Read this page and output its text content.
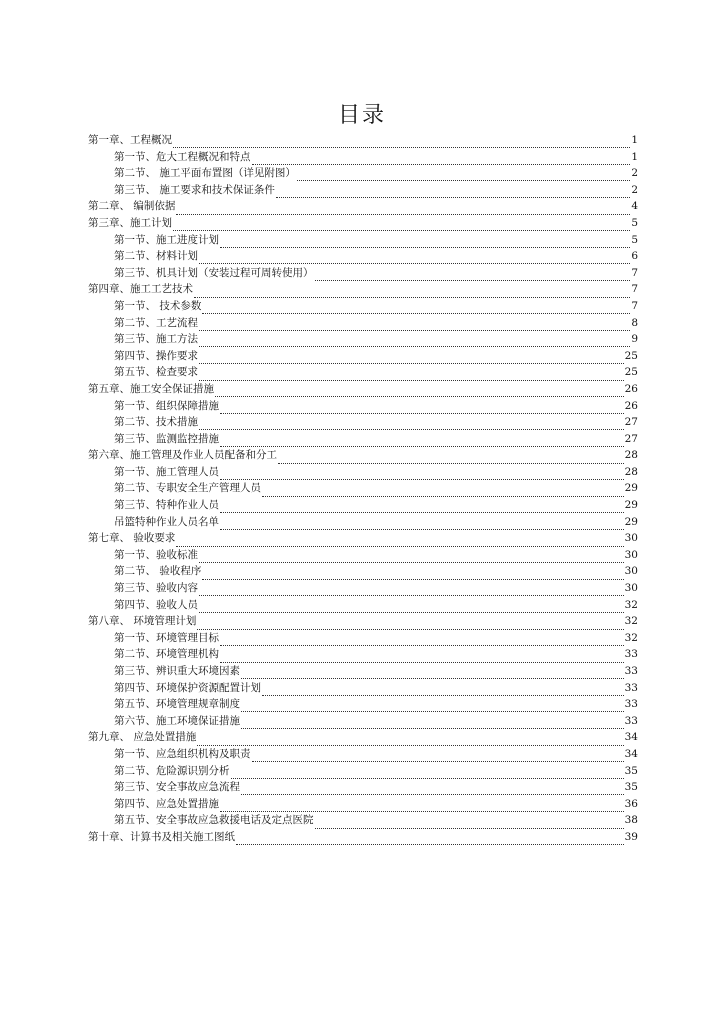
目录
第一章、工程概况	1
第一节、危大工程概况和特点	1
第二节、 施工平面布置图（详见附图）	2
第三节、 施工要求和技术保证条件	2
第二章、 编制依据	4
第三章、施工计划	5
第一节、施工进度计划	5
第二节、材料计划	6
第三节、机具计划（安装过程可周转使用）	7
第四章、施工工艺技术	7
第一节、 技术参数	7
第二节、工艺流程	8
第三节、施工方法	9
第四节、操作要求	25
第五节、检查要求	25
第五章、施工安全保证措施	26
第一节、组织保障措施	26
第二节、技术措施	27
第三节、监测监控措施	27
第六章、施工管理及作业人员配备和分工	28
第一节、施工管理人员	28
第二节、专职安全生产管理人员	29
第三节、特种作业人员	29
吊篮特种作业人员名单	29
第七章、 验收要求	30
第一节、验收标准	30
第二节、 验收程序	30
第三节、验收内容	30
第四节、验收人员	32
第八章、 环境管理计划	32
第一节、环境管理目标	32
第二节、环境管理机构	33
第三节、辨识重大环境因素	33
第四节、环境保护资源配置计划	33
第五节、环境管理规章制度	33
第六节、施工环境保证措施	33
第九章、 应急处置措施	34
第一节、应急组织机构及职责	34
第二节、危险源识别分析	35
第三节、安全事故应急流程	35
第四节、应急处置措施	36
第五节、安全事故应急救援电话及定点医院	38
第十章、计算书及相关施工图纸	39
